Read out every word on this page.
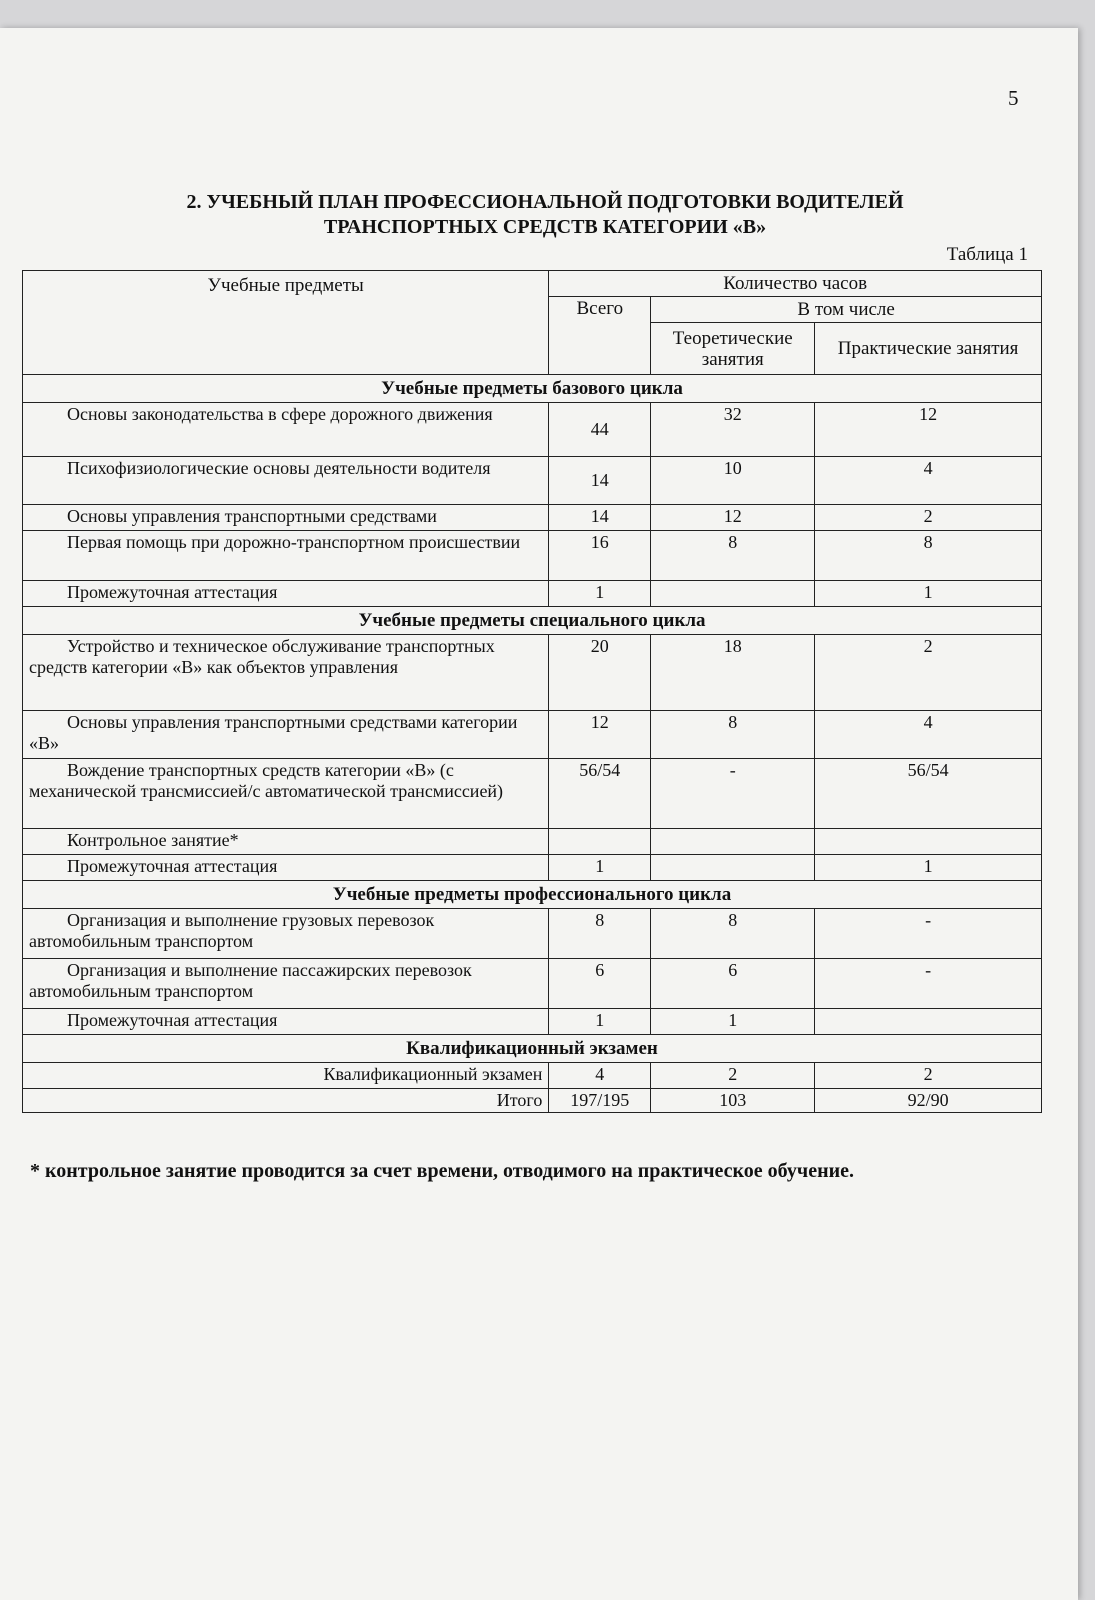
5
2. УЧЕБНЫЙ ПЛАН ПРОФЕССИОНАЛЬНОЙ ПОДГОТОВКИ ВОДИТЕЛЕЙ
ТРАНСПОРТНЫХ СРЕДСТВ КАТЕГОРИИ «В»
Таблица 1
Учебные предметы	Количество часов		
	Всего	В том числе	
		Теоретические занятия	Практические занятия
Учебные предметы базового цикла			
Основы законодательства в сфере дорожного движения	44	32	12
Психофизиологические основы деятельности водителя	14	10	4
Основы управления транспортными средствами	14	12	2
Первая помощь при дорожно-транспортном происшествии	16	8	8
Промежуточная аттестация	1		1
Учебные предметы специального цикла			
Устройство и техническое обслуживание транспортных средств категории «В» как объектов управления	20	18	2
Основы управления транспортными средствами категории «В»	12	8	4
Вождение транспортных средств категории «В» (с механической трансмиссией/с автоматической трансмиссией)	56/54	-	56/54
Контрольное занятие*			
Промежуточная аттестация	1		1
Учебные предметы профессионального цикла			
Организация и выполнение грузовых перевозок автомобильным транспортом	8	8	-
Организация и выполнение пассажирских перевозок автомобильным транспортом	6	6	-
Промежуточная аттестация	1	1	
Квалификационный экзамен			
Квалификационный экзамен	4	2	2
Итого	197/195	103	92/90
* контрольное занятие проводится за счет времени, отводимого на практическое обучение.
